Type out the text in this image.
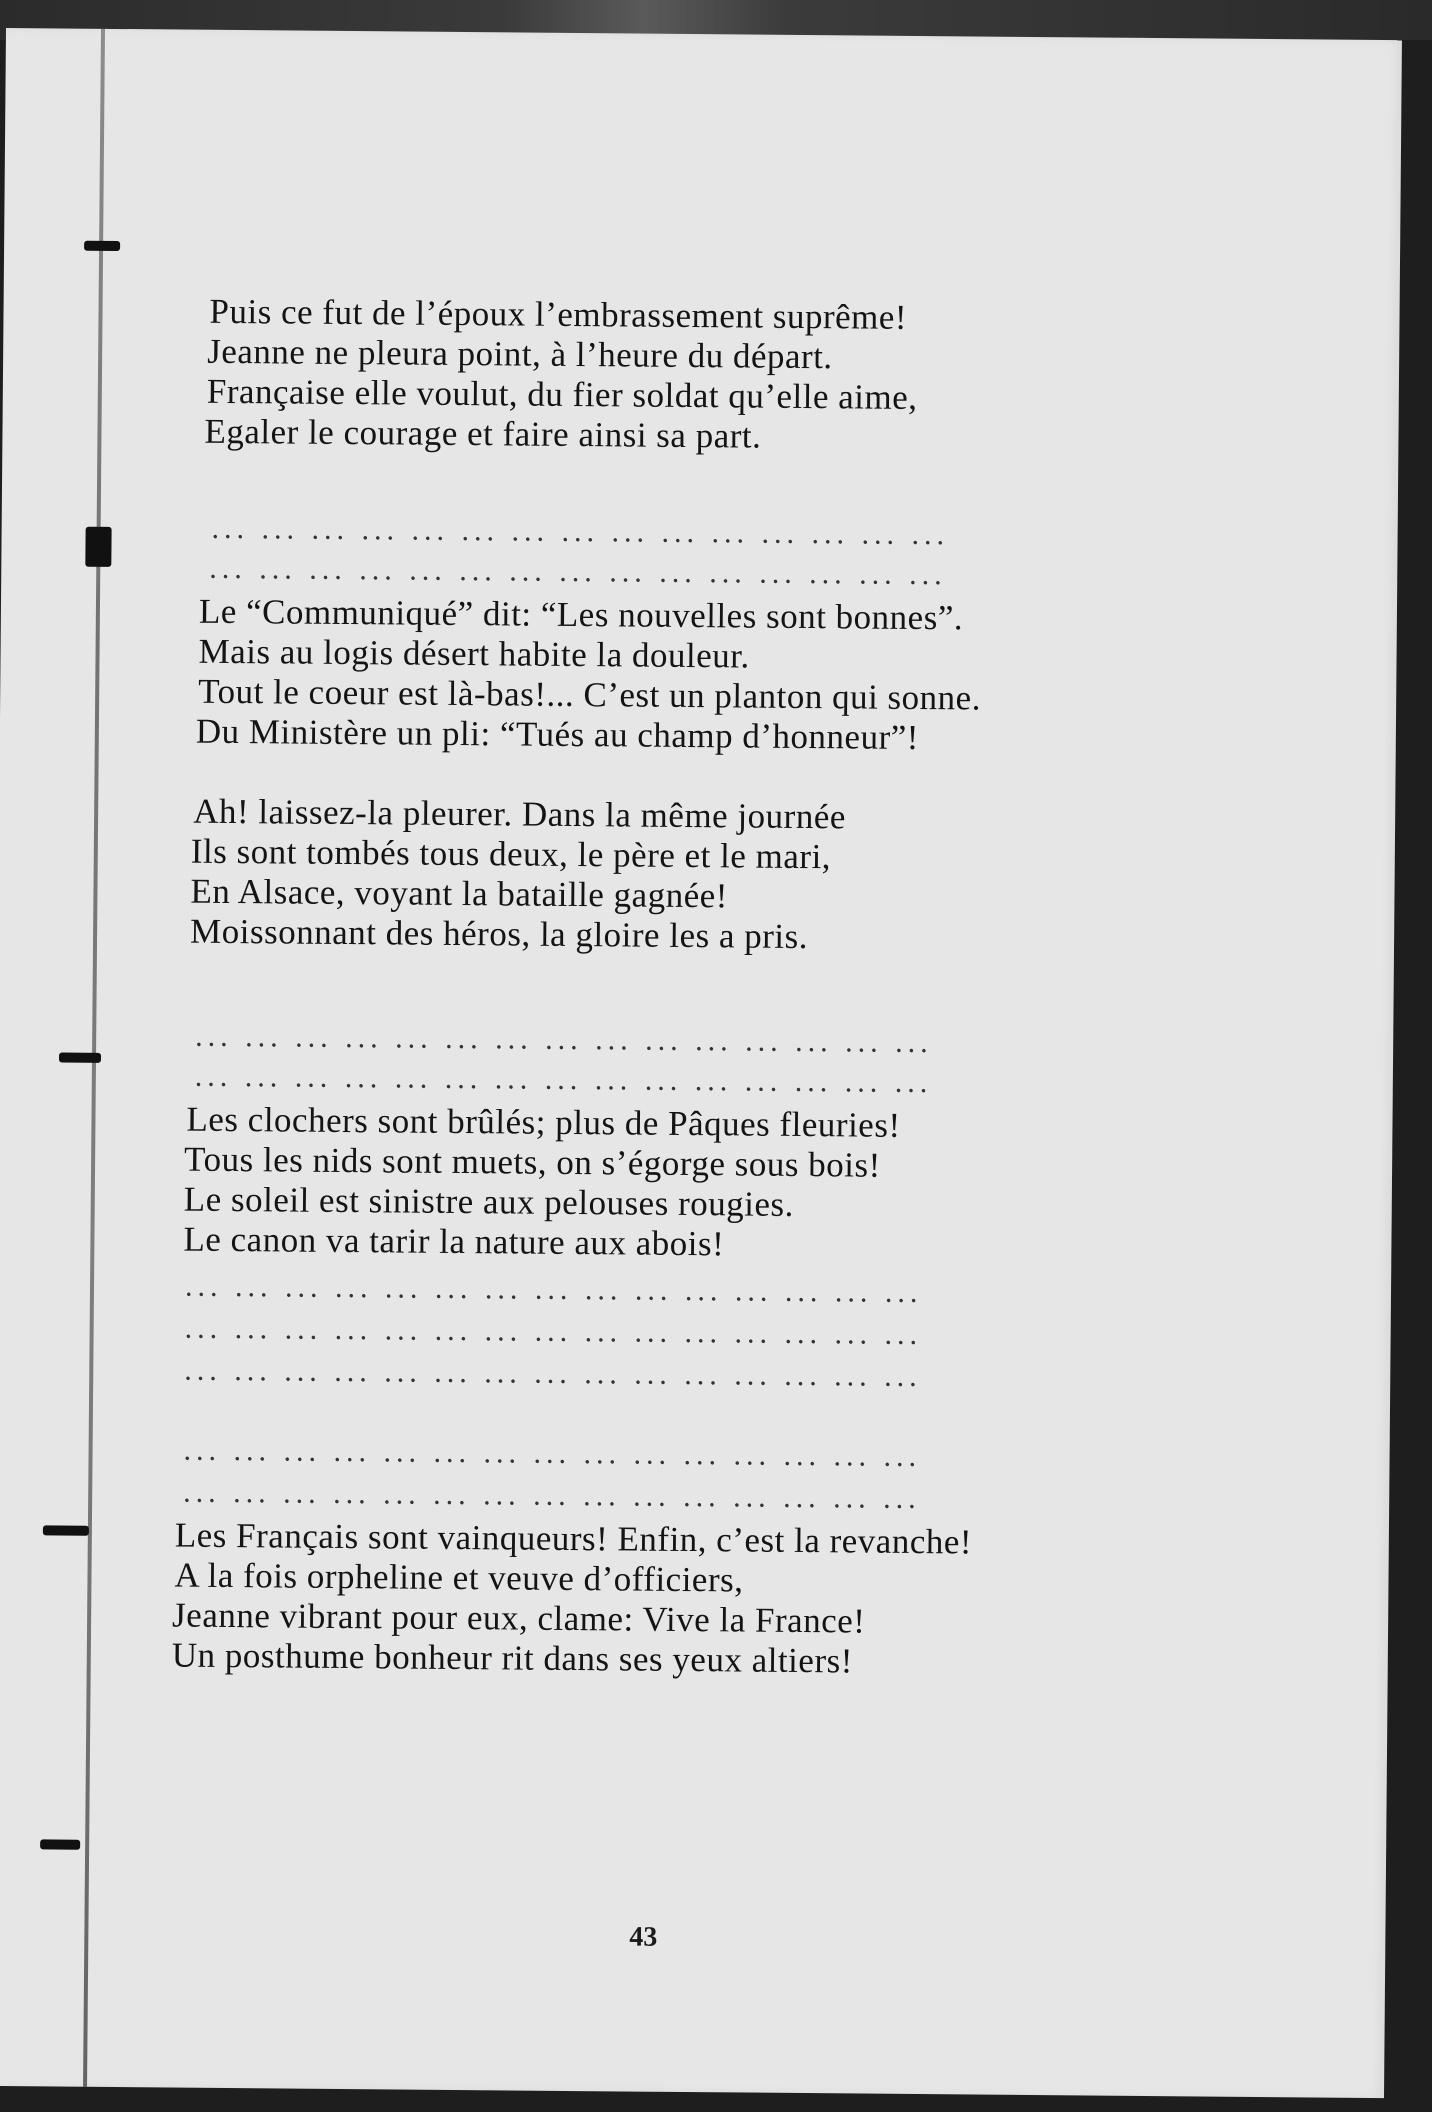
Puis ce fut de l’époux l’embrassement suprême!
Jeanne ne pleura point, à l’heure du départ.
Française elle voulut, du fier soldat qu’elle aime,
Egaler le courage et faire ainsi sa part.
... ... ... ... ... ... ... ... ... ... ... ... ... ... ...
... ... ... ... ... ... ... ... ... ... ... ... ... ... ...
Le “Communiqué” dit: “Les nouvelles sont bonnes”.
Mais au logis désert habite la douleur.
Tout le coeur est là-bas!... C’est un planton qui sonne.
Du Ministère un pli: “Tués au champ d’honneur”!
Ah! laissez-la pleurer. Dans la même journée
Ils sont tombés tous deux, le père et le mari,
En Alsace, voyant la bataille gagnée!
Moissonnant des héros, la gloire les a pris.
... ... ... ... ... ... ... ... ... ... ... ... ... ... ...
... ... ... ... ... ... ... ... ... ... ... ... ... ... ...
Les clochers sont brûlés; plus de Pâques fleuries!
Tous les nids sont muets, on s’égorge sous bois!
Le soleil est sinistre aux pelouses rougies.
Le canon va tarir la nature aux abois!
... ... ... ... ... ... ... ... ... ... ... ... ... ... ...
... ... ... ... ... ... ... ... ... ... ... ... ... ... ...
... ... ... ... ... ... ... ... ... ... ... ... ... ... ...
... ... ... ... ... ... ... ... ... ... ... ... ... ... ...
... ... ... ... ... ... ... ... ... ... ... ... ... ... ...
Les Français sont vainqueurs! Enfin, c’est la revanche!
A la fois orpheline et veuve d’officiers,
Jeanne vibrant pour eux, clame: Vive la France!
Un posthume bonheur rit dans ses yeux altiers!
43
